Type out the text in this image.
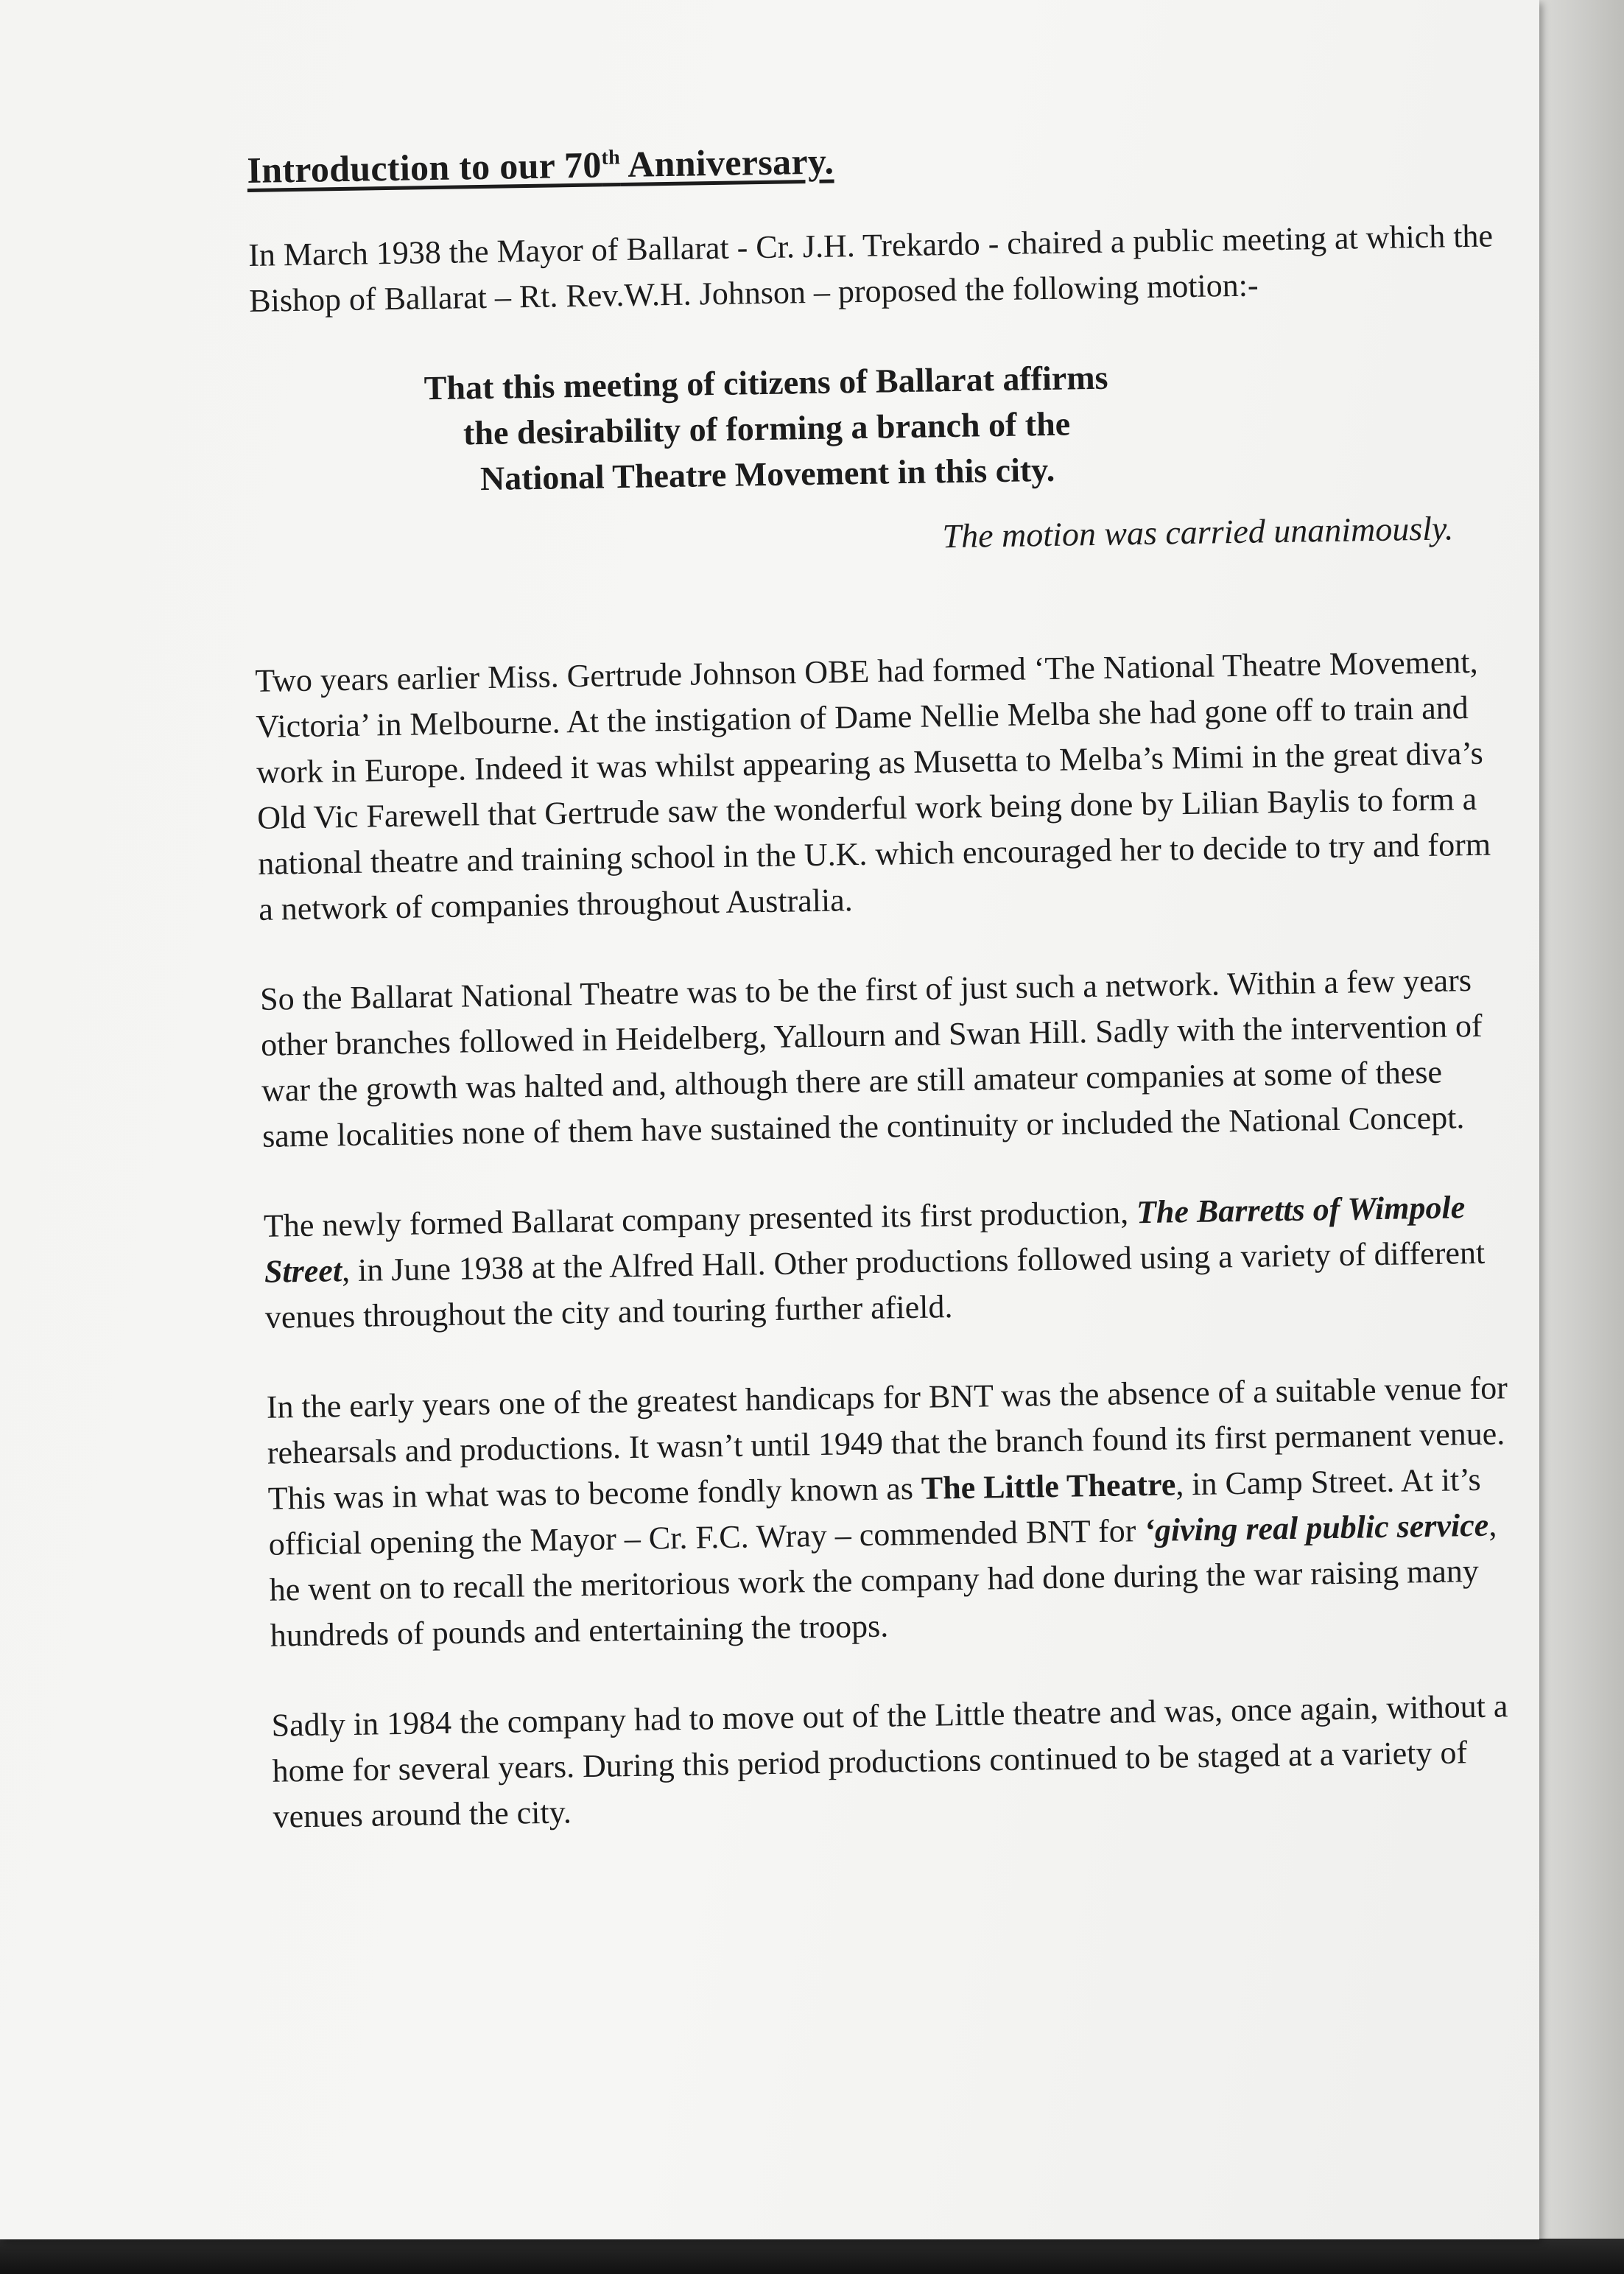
Introduction to our 70th Anniversary.

In March 1938 the Mayor of Ballarat - Cr. J.H. Trekardo - chaired a public meeting at which the Bishop of Ballarat – Rt. Rev.W.H. Johnson – proposed the following motion:-

That this meeting of citizens of Ballarat affirms
the desirability of forming a branch of the
National Theatre Movement in this city.
The motion was carried unanimously.

Two years earlier Miss. Gertrude Johnson OBE had formed ‘The National Theatre Movement, Victoria’ in Melbourne. At the instigation of Dame Nellie Melba she had gone off to train and work in Europe. Indeed it was whilst appearing as Musetta to Melba’s Mimi in the great diva’s Old Vic Farewell that Gertrude saw the wonderful work being done by Lilian Baylis to form a national theatre and training school in the U.K. which encouraged her to decide to try and form a network of companies throughout Australia.

So the Ballarat National Theatre was to be the first of just such a network. Within a few years other branches followed in Heidelberg, Yallourn and Swan Hill. Sadly with the intervention of war the growth was halted and, although there are still amateur companies at some of these same localities none of them have sustained the continuity or included the National Concept.

The newly formed Ballarat company presented its first production, The Barretts of Wimpole Street, in June 1938 at the Alfred Hall. Other productions followed using a variety of different venues throughout the city and touring further afield.

In the early years one of the greatest handicaps for BNT was the absence of a suitable venue for rehearsals and productions. It wasn’t until 1949 that the branch found its first permanent venue. This was in what was to become fondly known as The Little Theatre, in Camp Street. At it’s official opening the Mayor – Cr. F.C. Wray – commended BNT for ‘giving real public service, he went on to recall the meritorious work the company had done during the war raising many hundreds of pounds and entertaining the troops.

Sadly in 1984 the company had to move out of the Little theatre and was, once again, without a home for several years. During this period productions continued to be staged at a variety of venues around the city.
